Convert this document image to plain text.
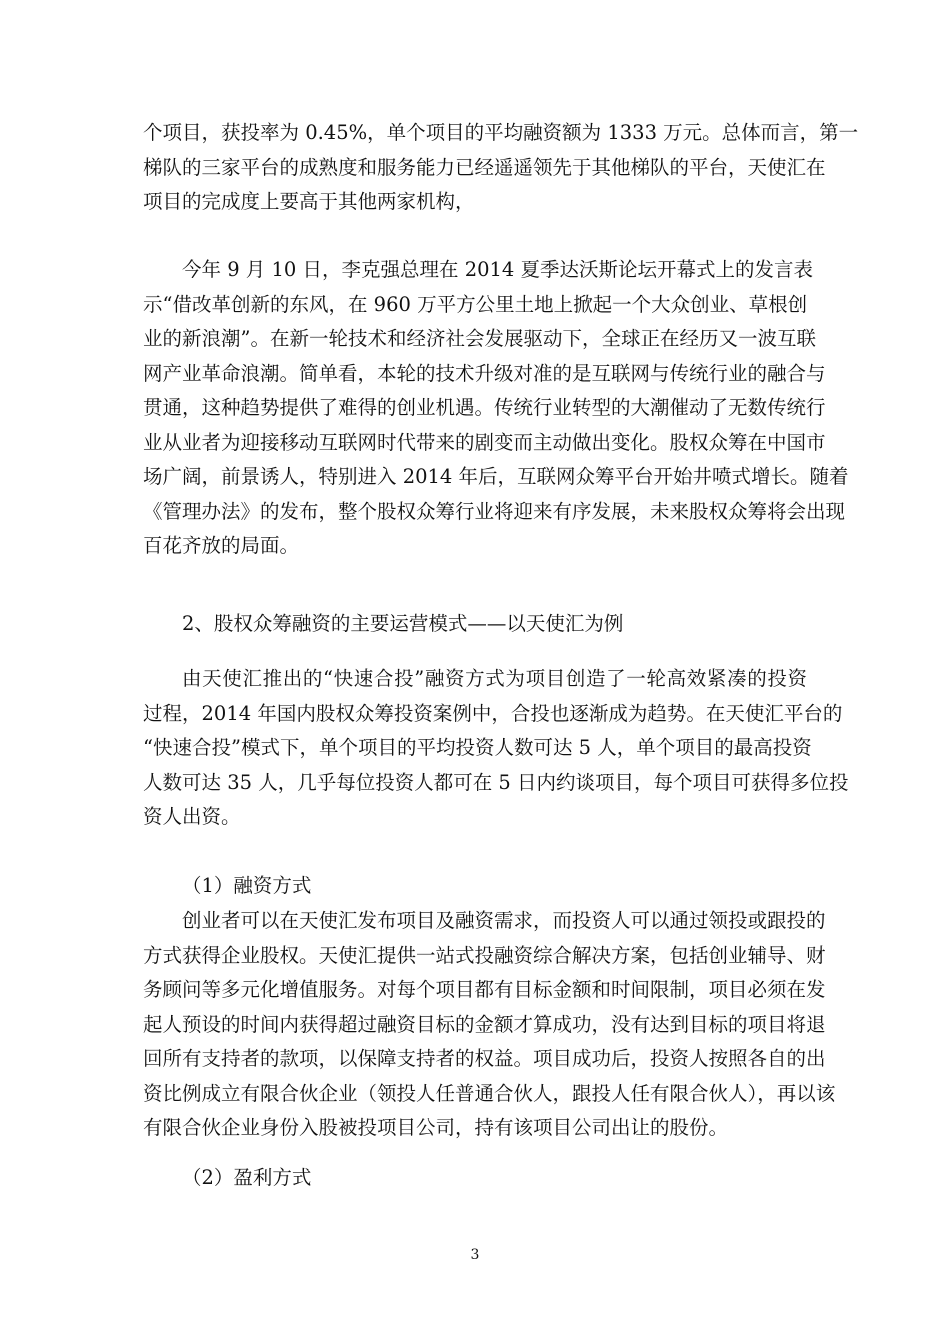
个项目，获投率为 0.45%，单个项目的平均融资额为 1333 万元。总体而言，第一
梯队的三家平台的成熟度和服务能力已经遥遥领先于其他梯队的平台，天使汇在
项目的完成度上要高于其他两家机构，
今年 9 月 10 日，李克强总理在 2014 夏季达沃斯论坛开幕式上的发言表
示“借改革创新的东风，在 960 万平方公里土地上掀起一个大众创业、草根创
业的新浪潮”。在新一轮技术和经济社会发展驱动下，全球正在经历又一波互联
网产业革命浪潮。简单看，本轮的技术升级对准的是互联网与传统行业的融合与
贯通，这种趋势提供了难得的创业机遇。传统行业转型的大潮催动了无数传统行
业从业者为迎接移动互联网时代带来的剧变而主动做出变化。股权众筹在中国市
场广阔，前景诱人，特别进入 2014 年后，互联网众筹平台开始井喷式增长。随着
《管理办法》的发布，整个股权众筹行业将迎来有序发展，未来股权众筹将会出现
百花齐放的局面。

2、股权众筹融资的主要运营模式——以天使汇为例

由天使汇推出的“快速合投”融资方式为项目创造了一轮高效紧凑的投资
过程，2014 年国内股权众筹投资案例中，合投也逐渐成为趋势。在天使汇平台的
“快速合投”模式下，单个项目的平均投资人数可达 5 人，单个项目的最高投资
人数可达 35 人，几乎每位投资人都可在 5 日内约谈项目，每个项目可获得多位投
资人出资。

（1）融资方式

创业者可以在天使汇发布项目及融资需求，而投资人可以通过领投或跟投的
方式获得企业股权。天使汇提供一站式投融资综合解决方案，包括创业辅导、财
务顾问等多元化增值服务。对每个项目都有目标金额和时间限制，项目必须在发
起人预设的时间内获得超过融资目标的金额才算成功，没有达到目标的项目将退
回所有支持者的款项，以保障支持者的权益。项目成功后，投资人按照各自的出
资比例成立有限合伙企业（领投人任普通合伙人，跟投人任有限合伙人），再以该
有限合伙企业身份入股被投项目公司，持有该项目公司出让的股份。

（2）盈利方式

3
